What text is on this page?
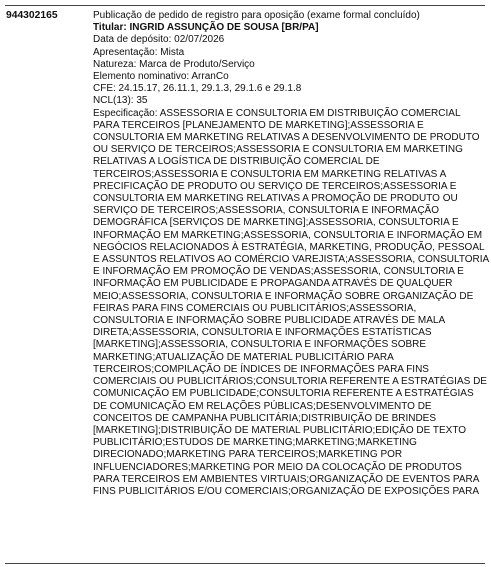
944302165	Publicação de pedido de registro para oposição (exame formal concluído)
Titular: INGRID ASSUNÇÃO DE SOUSA [BR/PA]
Data de depósito: 02/07/2026
Apresentação: Mista
Natureza: Marca de Produto/Serviço
Elemento nominativo: ArranCo
CFE: 24.15.17, 26.11.1, 29.1.3, 29.1.6 e 29.1.8
NCL(13): 35
Especificação: ASSESSORIA E CONSULTORIA EM DISTRIBUIÇÃO COMERCIAL
PARA TERCEIROS [PLANEJAMENTO DE MARKETING];ASSESSORIA E
CONSULTORIA EM MARKETING RELATIVAS A DESENVOLVIMENTO DE PRODUTO
OU SERVIÇO DE TERCEIROS;ASSESSORIA E CONSULTORIA EM MARKETING
RELATIVAS A LOGÍSTICA DE DISTRIBUIÇÃO COMERCIAL DE
TERCEIROS;ASSESSORIA E CONSULTORIA EM MARKETING RELATIVAS A
PRECIFICAÇÃO DE PRODUTO OU SERVIÇO DE TERCEIROS;ASSESSORIA E
CONSULTORIA EM MARKETING RELATIVAS A PROMOÇÃO DE PRODUTO OU
SERVIÇO DE TERCEIROS;ASSESSORIA, CONSULTORIA E INFORMAÇÃO
DEMOGRÁFICA [SERVIÇOS DE MARKETING];ASSESSORIA, CONSULTORIA E
INFORMAÇÃO EM MARKETING;ASSESSORIA, CONSULTORIA E INFORMAÇÃO EM
NEGÓCIOS RELACIONADOS À ESTRATÉGIA, MARKETING, PRODUÇÃO, PESSOAL
E ASSUNTOS RELATIVOS AO COMÉRCIO VAREJISTA;ASSESSORIA, CONSULTORIA
E INFORMAÇÃO EM PROMOÇÃO DE VENDAS;ASSESSORIA, CONSULTORIA E
INFORMAÇÃO EM PUBLICIDADE E PROPAGANDA ATRAVÉS DE QUALQUER
MEIO;ASSESSORIA, CONSULTORIA E INFORMAÇÃO SOBRE ORGANIZAÇÃO DE
FEIRAS PARA FINS COMERCIAIS OU PUBLICITÁRIOS;ASSESSORIA,
CONSULTORIA E INFORMAÇÃO SOBRE PUBLICIDADE ATRAVÉS DE MALA
DIRETA;ASSESSORIA, CONSULTORIA E INFORMAÇÕES ESTATÍSTICAS
[MARKETING];ASSESSORIA, CONSULTORIA E INFORMAÇÕES SOBRE
MARKETING;ATUALIZAÇÃO DE MATERIAL PUBLICITÁRIO PARA
TERCEIROS;COMPILAÇÃO DE ÍNDICES DE INFORMAÇÕES PARA FINS
COMERCIAIS OU PUBLICITÁRIOS;CONSULTORIA REFERENTE A ESTRATÉGIAS DE
COMUNICAÇÃO EM PUBLICIDADE;CONSULTORIA REFERENTE A ESTRATÉGIAS
DE COMUNICAÇÃO EM RELAÇÕES PÚBLICAS;DESENVOLVIMENTO DE
CONCEITOS DE CAMPANHA PUBLICITÁRIA;DISTRIBUIÇÃO DE BRINDES
[MARKETING];DISTRIBUIÇÃO DE MATERIAL PUBLICITÁRIO;EDIÇÃO DE TEXTO
PUBLICITÁRIO;ESTUDOS DE MARKETING;MARKETING;MARKETING
DIRECIONADO;MARKETING PARA TERCEIROS;MARKETING POR
INFLUENCIADORES;MARKETING POR MEIO DA COLOCAÇÃO DE PRODUTOS
PARA TERCEIROS EM AMBIENTES VIRTUAIS;ORGANIZAÇÃO DE EVENTOS PARA
FINS PUBLICITÁRIOS E/OU COMERCIAIS;ORGANIZAÇÃO DE EXPOSIÇÕES PARA
